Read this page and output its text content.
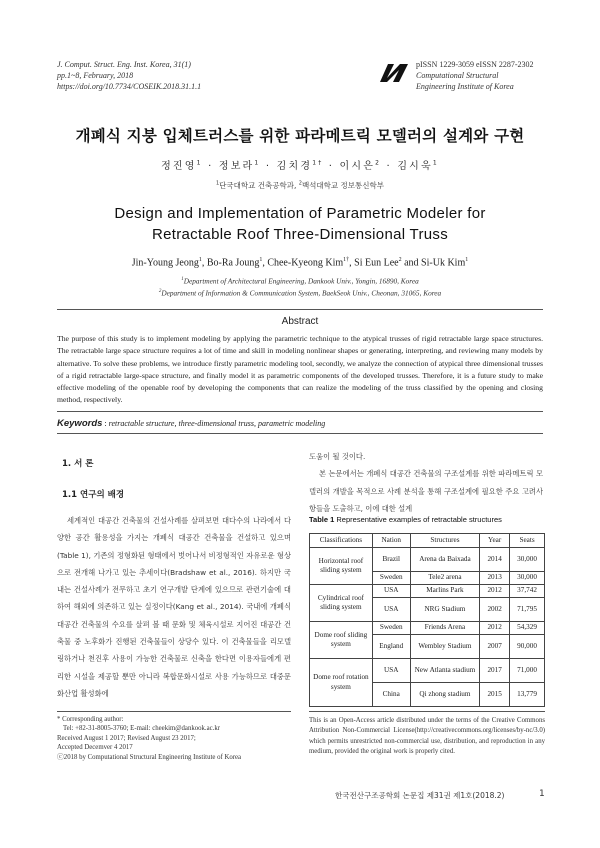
J. Comput. Struct. Eng. Inst. Korea, 31(1)
pp.1~8, February, 2018
https://doi.org/10.7734/COSEIK.2018.31.1.1
pISSN 1229-3059 eISSN 2287-2302
Computational Structural
Engineering Institute of Korea
개폐식 지붕 입체트러스를 위한 파라메트릭 모델러의 설계와 구현
정진영$^1$ · 정보라$^1$ · 김치경$^{1\dagger}$ · 이시은$^2$ · 김시욱$^1$
$^1$단국대학교 건축공학과, $^2$백석대학교 정보통신학부
Design and Implementation of Parametric Modeler for
Retractable Roof Three-Dimensional Truss
Jin-Young Jeong$^1$, Bo-Ra Joung$^1$, Chee-Kyeong Kim$^{1\dagger}$, Si Eun Lee$^2$ and Si-Uk Kim$^1$
$^1$Department of Architectural Engineering, Dankook Univ., Yongin, 16890, Korea
$^2$Department of Information & Communication System, BaekSeok Univ., Cheonan, 31065, Korea
Abstract
The purpose of this study is to implement modeling by applying the parametric technique to the atypical trusses of rigid retractable large space structures. The retractable large space structure requires a lot of time and skill in modeling nonlinear shapes or generating, interpreting, and reviewing many models by alternative. To solve these problems, we introduce firstly parametric modeling tool, secondly, we analyze the connection of atypical three dimensional trusses of a rigid retractable large-space structure, and finally model it as parametric components of the developed trusses. Therefore, it is a future study to make effective modeling of the openable roof by developing the components that can realize the modeling of the truss classified by the opening and closing method, respectively.
Keywords : retractable structure, three-dimensional truss, parametric modeling
1. 서 론
1.1 연구의 배경
세계적인 대공간 건축물의 건설사례를 살펴보면 대다수의 나라에서 다양한 공간 활용성을 가지는 개폐식 대공간 건축물을 건설하고 있으며(Table 1), 기존의 정형화된 형태에서 벗어나서 비정형적인 자유로운 형상으로 전개해 나가고 있는 추세이다(Bradshaw et al., 2016). 하지만 국내는 건설사례가 전무하고 초기 연구개발 단계에 있으므로 관련기술에 대하여 해외에 의존하고 있는 실정이다(Kang et al., 2014). 국내에 개폐식 대공간 건축물의 수요를 살펴 볼 때 문화 및 체육시설로 지어진 대공간 건축물 중 노후화가 진행된 건축물들이 상당수 있다. 이 건축물들을 리모델링하거나 천진후 사용이 가능한 건축물로 신축을 한다면 이용자들에게 편리한 시설을 제공할 뿐만 아니라 복합문화시설로 사용 가능하므로 대중문화산업 활성화에

도움이 될 것이다.

본 논문에서는 개폐식 대공간 건축물의 구조설계를 위한 파라메트릭 모델러의 개발을 목적으로 사례 분석을 통해 구조설계에 필요한 주요 고려사항들을 도출하고, 이에 대한 설계

Table 1 Representative examples of retractable structures
Classifications	Nation	Structures	Year	Seats
Horizontal roof sliding system	Brazil	Arena da Baixada	2014	30,000
	Sweden	Tele2 arena	2013	30,000
Cylindrical roof sliding system	USA	Marlins Park	2012	37,742
	USA	NRG Stadium	2002	71,795
Dome roof sliding system	Sweden	Friends Arena	2012	54,329
	England	Wembley Stadium	2007	90,000
Dome roof rotation system	USA	New Atlanta stadium	2017	71,000
	China	Qi zhong stadium	2015	13,779
* Corresponding author:
Tel: +82-31-8005-3760; E-mail: cheekim@dankook.ac.kr
Received August 1 2017; Revised August 23 2017;
Accepted Decemver 4 2017
ⓒ2018 by Computational Structural Engineering Institute of Korea
This is an Open-Access article distributed under the terms of the Creative Commons Attribution Non-Commercial License(http://creativecommons.org/licenses/by-nc/3.0) which permits unrestricted non-commercial use, distribution, and reproduction in any medium, provided the original work is properly cited.
한국전산구조공학회 논문집 제31권 제1호(2018.2)	1
